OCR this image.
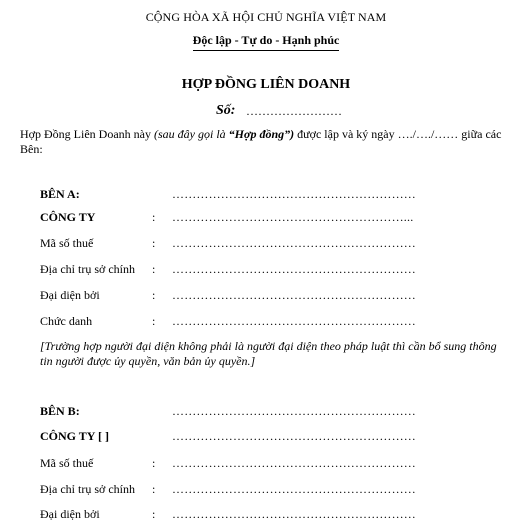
CỘNG HÒA XÃ HỘI CHỦ NGHĨA VIỆT NAM
Độc lập - Tự do - Hạnh phúc
HỢP ĐỒNG LIÊN DOANH
Số: ……………………
Hợp Đồng Liên Doanh này (sau đây gọi là “Hợp đồng”) được lập và ký ngày …./…./…… giữa các Bên:
BÊN A:	……………………………………………………
CÔNG TY	: …………………………………………………...
Mã số thuế	: ……………………………………………………
Địa chỉ trụ sở chính : ……………………………………………………
Đại diện bởi	: ……………………………………………………
Chức danh	: ……………………………………………………
[Trường hợp người đại diện không phải là người đại diện theo pháp luật thì cần bổ sung thông tin người được ủy quyền, văn bản ủy quyền.]
BÊN B:	……………………………………………………
CÔNG TY [ ]	……………………………………………………
Mã số thuế	: ……………………………………………………
Địa chỉ trụ sở chính : ……………………………………………………
Đại diện bởi	: ……………………………………………………
